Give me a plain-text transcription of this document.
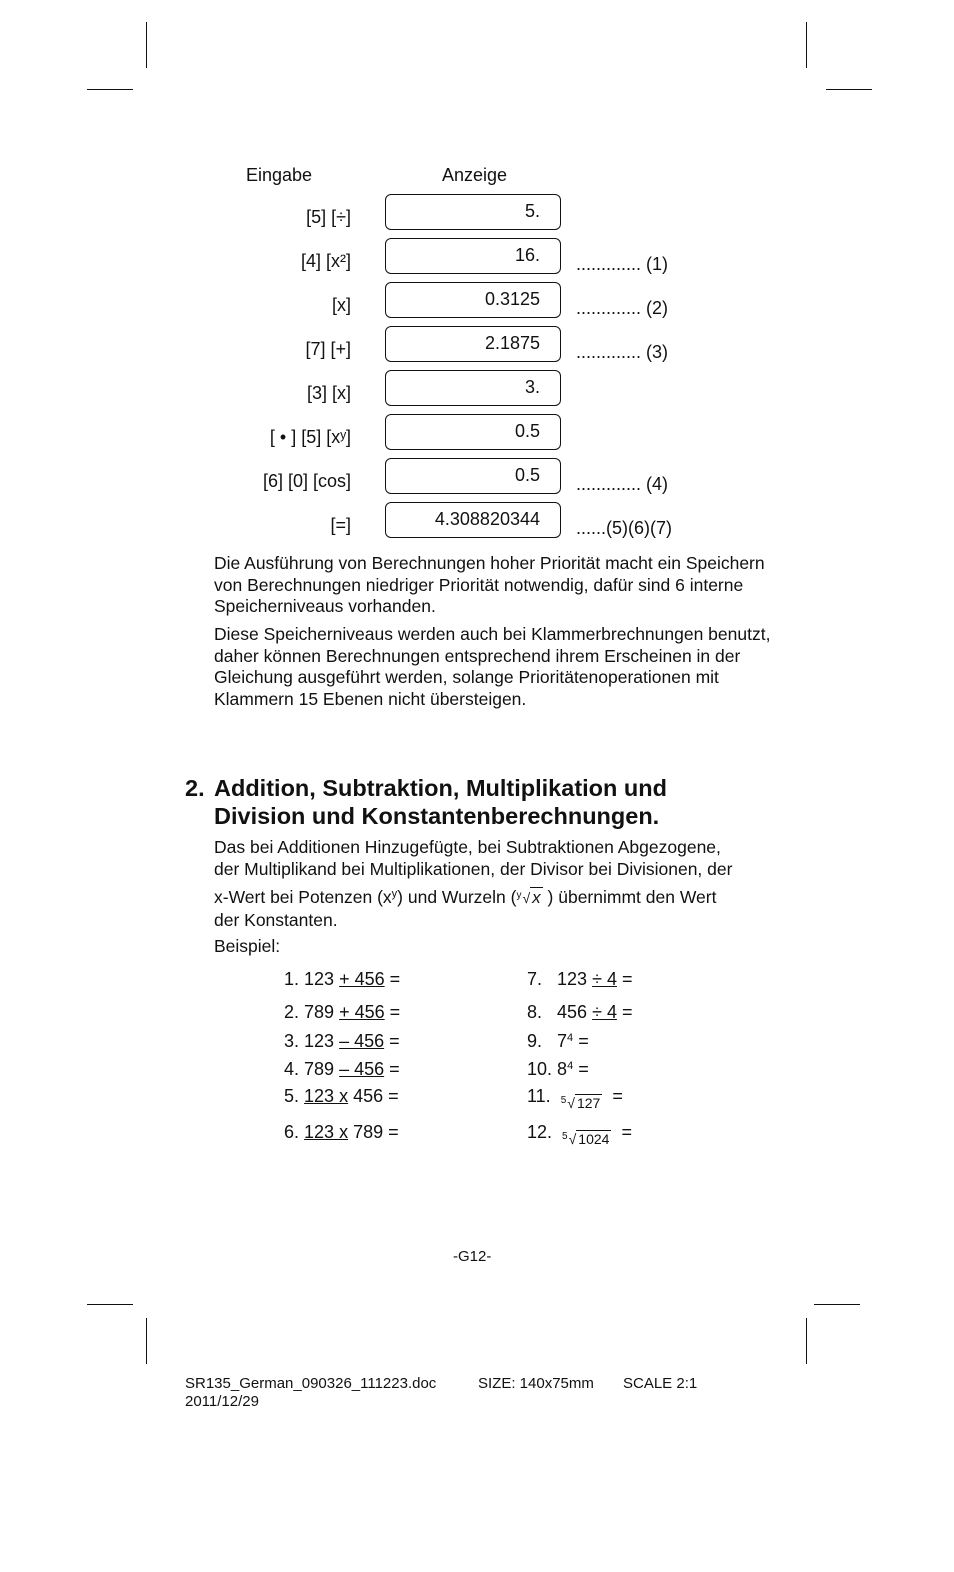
Eingabe	Anzeige
[5] [÷]	5.
[4] [x²]	16. ............. (1)
[x]	0.3125 ............. (2)
[7] [+]	2.1875 ............. (3)
[3] [x]	3.
[ • ] [5] [xʸ]	0.5
[6] [0] [cos]	0.5 ............. (4)
[=]	4.308820344 ......(5)(6)(7)
Die Ausführung von Berechnungen hoher Priorität macht ein Speichern von Berechnungen niedriger Priorität notwendig, dafür sind 6 interne Speicherniveaus vorhanden.
Diese Speicherniveaus werden auch bei Klammerbrechnungen benutzt, daher können Berechnungen entsprechend ihrem Erscheinen in der Gleichung ausgeführt werden, solange Prioritätenoperationen mit Klammern 15 Ebenen nicht übersteigen.
2. Addition, Subtraktion, Multiplikation und
Division und Konstantenberechnungen.
Das bei Additionen Hinzugefügte, bei Subtraktionen Abgezogene,
der Multiplikand bei Multiplikationen, der Divisor bei Divisionen, der
x-Wert bei Potenzen $(x^y)$ und Wurzeln ($^y$√ x ) übernimmt den Wert
der Konstanten.
Beispiel:
1. 123 + 456 =
2. 789 + 456 =
3. 123 – 456 =
4. 789 – 456 =
5. 123 x 456 =
6. 123 x 789 =
7. 123 ÷ 4 =
8. 456 ÷ 4 =
9. $7^4$ =
10. $8^4$ =
11. $^5$√ 127 =
12. $^5$√ 1024 =
-G12-
SR135_German_090326_111223.doc	SIZE: 140x75mm SCALE 2:1
2011/12/29
